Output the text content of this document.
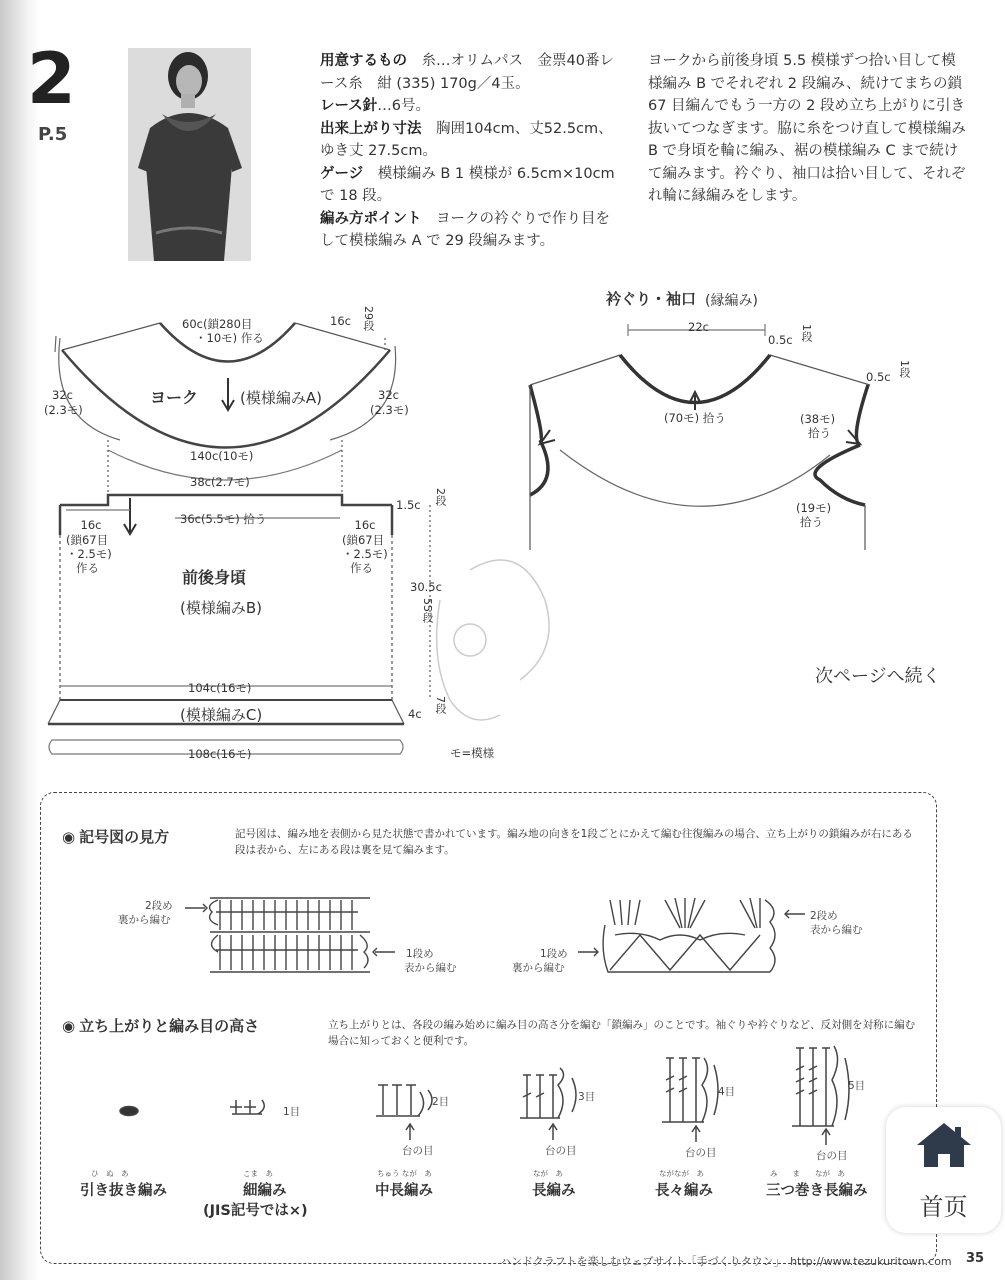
2
P.5
用意するもの　 糸…オリムパス　金票40番レース糸　紺 (335) 170g／4玉。
レース針…6号。
出来上がり寸法　 胸囲104cm、丈52.5cm、ゆき丈 27.5cm。
ゲージ　 模様編み B 1 模様が 6.5cm×10cm で 18 段。
編み方ポイント　 ヨークの衿ぐりで作り目をして模様編み A で 29 段編みます。
ヨークから前後身頃 5.5 模様ずつ拾い目して模様編み B でそれぞれ 2 段編み、続けてまちの鎖 67 目編んでもう一方の 2 段め立ち上がりに引き抜いてつなぎます。脇に糸をつけ直して模様編み B で身頃を輪に編み、裾の模様編み C まで続けて編みます。衿ぐり、袖口は拾い目して、それぞれ輪に縁編みをします。
60c(鎖280目
・10モ) 作る
16c 29段
32c
(2.3モ)
32c
(2.3モ)
ヨーク	(模様編みA)
140c(10モ)
38c(2.7モ)
36c(5.5モ) 拾う
16c
(鎖67目
・2.5モ)
作る
16c
(鎖67目
・2.5モ)
作る
前後身頃
(模様編みB)
104c(16モ)
(模様編みC)
108c(16モ)
1.5c 2段
30.5c
55段
4c 7段
モ=模様
衿ぐり・袖口 (縁編み)
22c
0.5c 1段
0.5c 1段
(70モ) 拾う	(38モ)
拾う
(19モ)
拾う
次ページへ続く
◉ 記号図の見方	記号図は、編み地を表側から見た状態で書かれています。編み地の向きを1段ごとにかえて編む往復編みの場合、立ち上がりの鎖編みが右にある段は表から、左にある段は裏を見て編みます。
2段め
裏から編む
1段め
表から編む
1段め
裏から編む
2段め
表から編む
◉ 立ち上がりと編み目の高さ	立ち上がりとは、各段の編み始めに編み目の高さ分を編む「鎖編み」のことです。袖ぐりや衿ぐりなど、反対側を対称に編む場合に知っておくと便利です。
1目
2目	3目	4目	5目
台の目	台の目	台の目	台の目
ひ　ぬ　あ
引き抜き編み
こま　あ
細編み
(JIS記号では×)
ちゅう なが　あ
中長編み
なが　あ
長編み
ながなが　あ
長々編み
み　　ま　　なが　あ
三つ巻き長編み
ハンドクラフトを楽しむウェブサイト「手づくりタウン」　http://www.tezukuritown.com 35
首页
